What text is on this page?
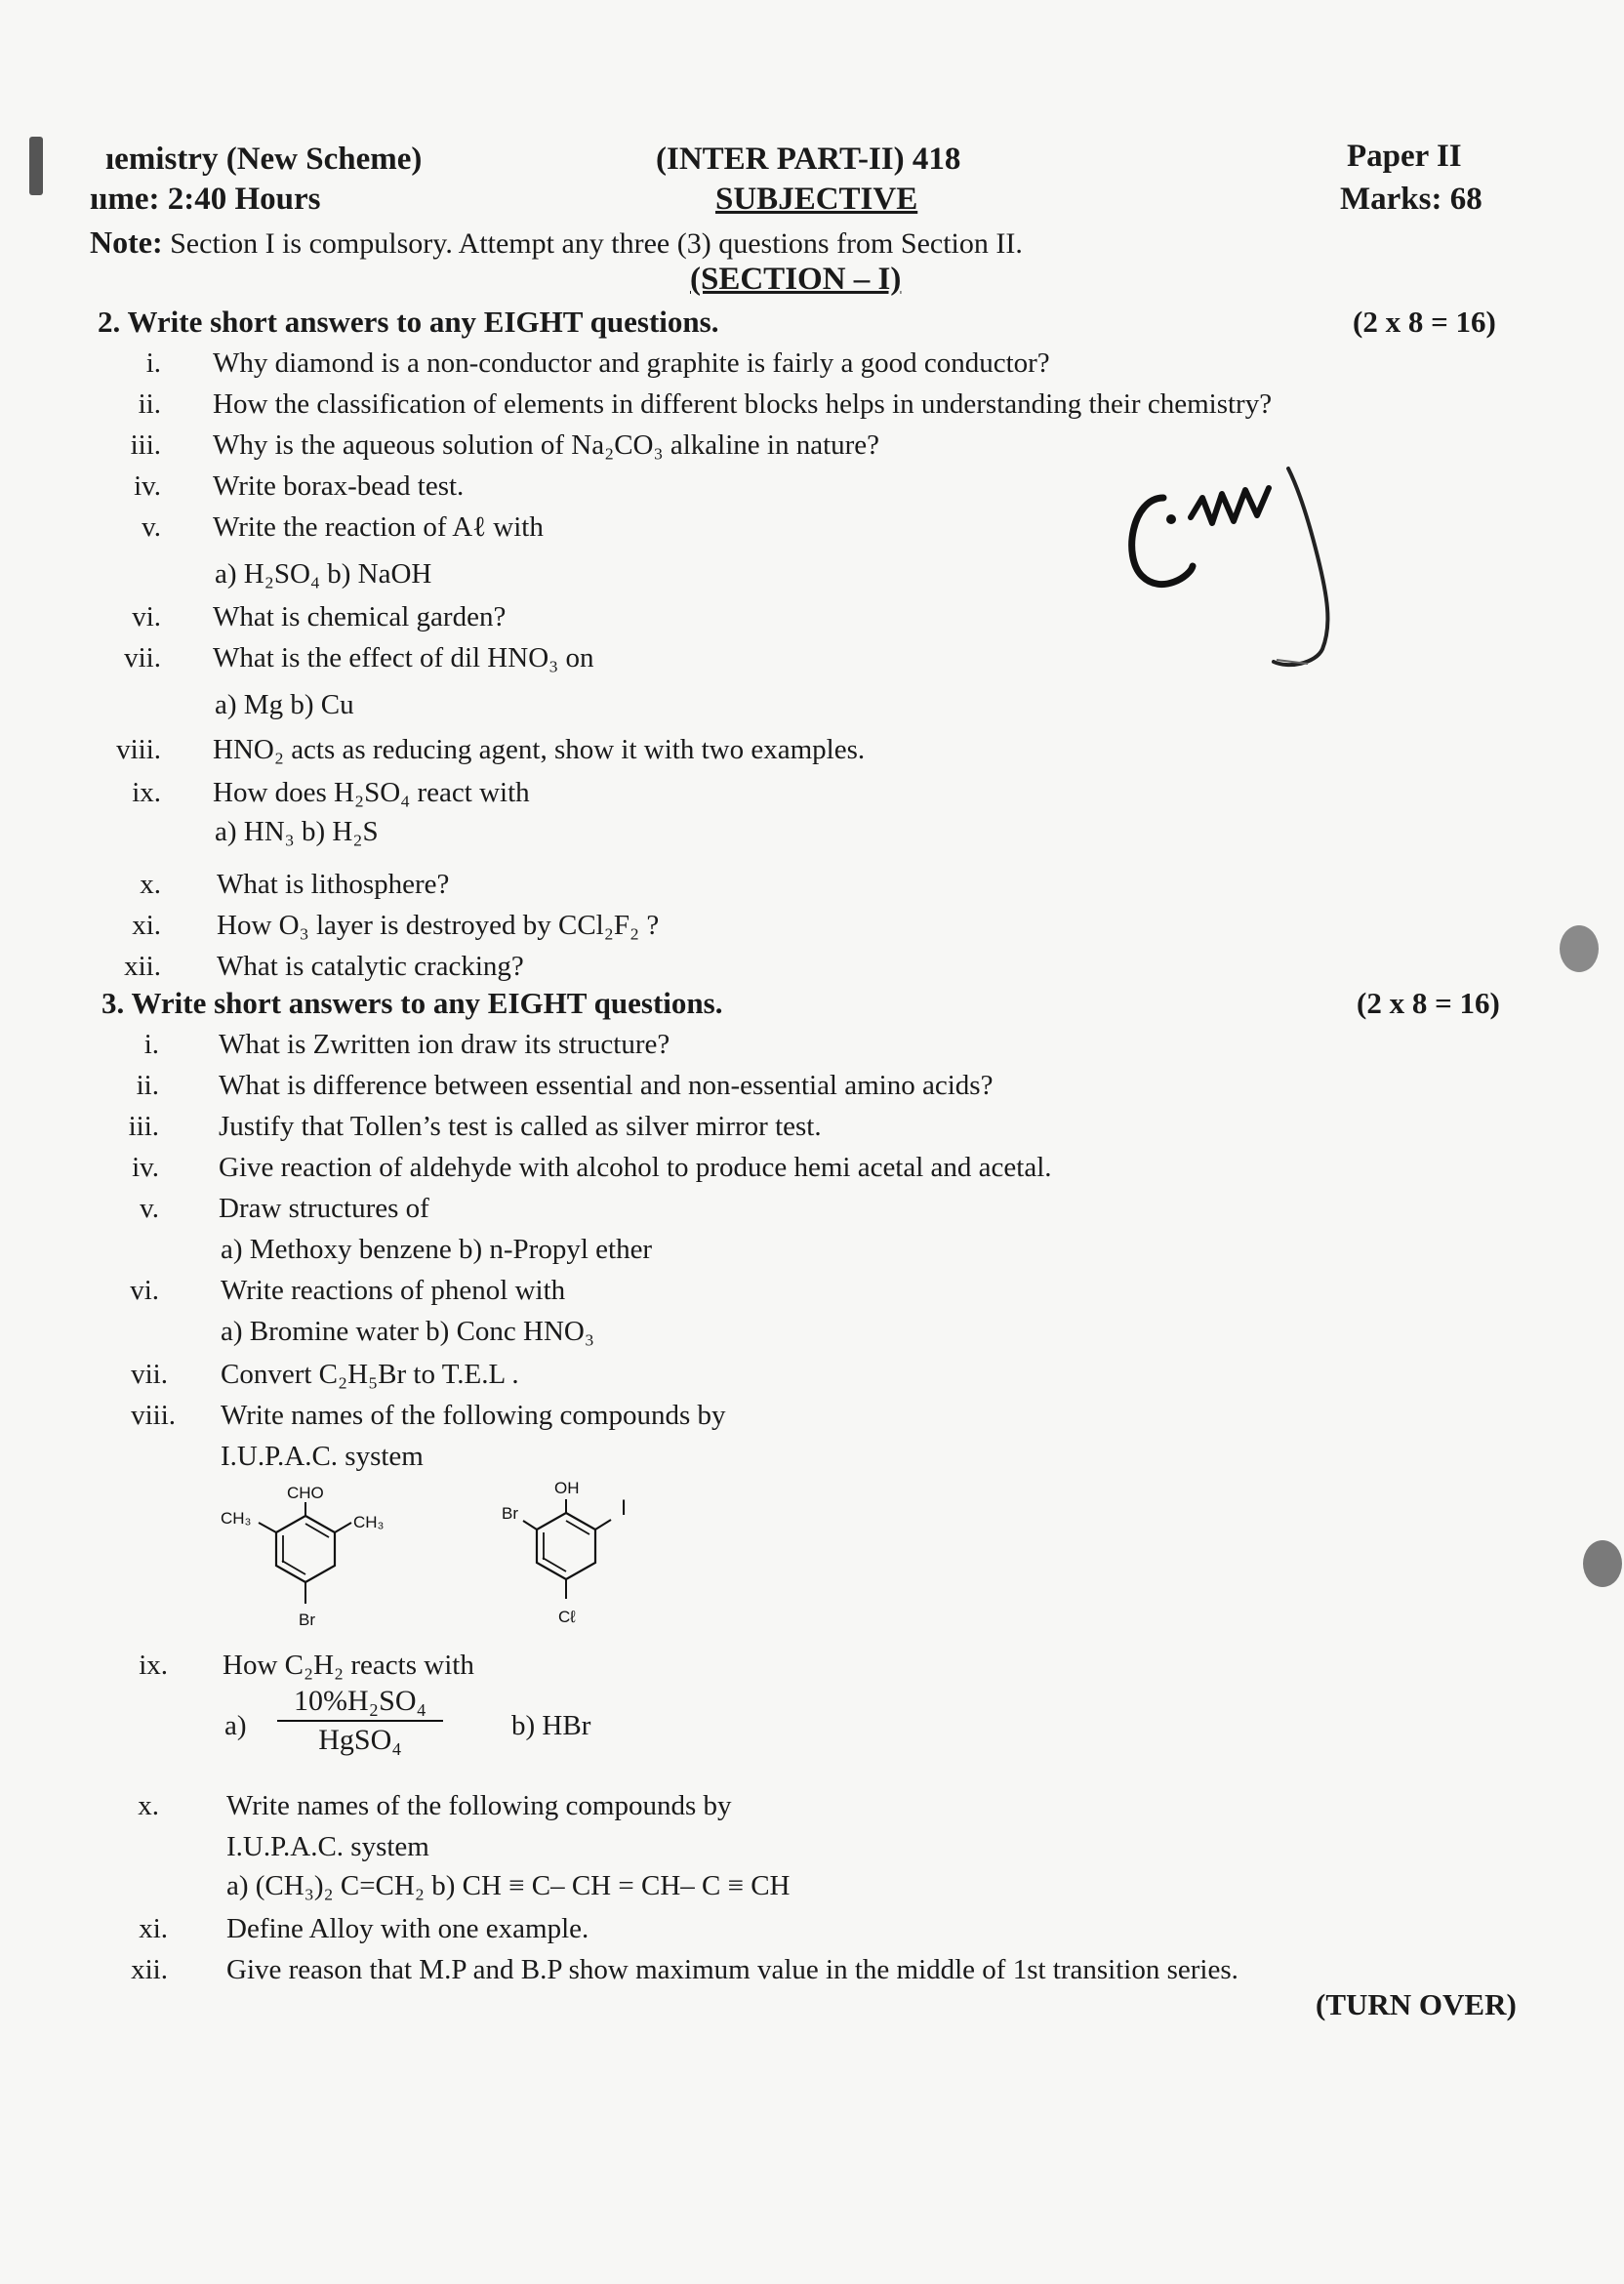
ıemistry (New Scheme)	(INTER PART-II) 418	Paper II
ııme: 2:40 Hours	SUBJECTIVE	Marks: 68
Note: Section I is compulsory. Attempt any three (3) questions from Section II.
(SECTION – I)
2. Write short answers to any EIGHT questions.	(2 x 8 = 16)
i. Why diamond is a non-conductor and graphite is fairly a good conductor?
ii. How the classification of elements in different blocks helps in understanding their chemistry?
iii. Why is the aqueous solution of Na₂CO₃ alkaline in nature?
iv. Write borax-bead test.
v. Write the reaction of Aℓ with
a) H₂SO₄ b) NaOH
vi. What is chemical garden?
vii. What is the effect of dil HNO₃ on
a) Mg b) Cu
viii. HNO₂ acts as reducing agent, show it with two examples.
ix. How does H₂SO₄ react with
a) HN₃ b) H₂S
x. What is lithosphere?
xi. How O₃ layer is destroyed by CCl₂F₂ ?
xii. What is catalytic cracking?
3. Write short answers to any EIGHT questions.	(2 x 8 = 16)
i. What is Zwritten ion draw its structure?
ii. What is difference between essential and non-essential amino acids?
iii. Justify that Tollen’s test is called as silver mirror test.
iv. Give reaction of aldehyde with alcohol to produce hemi acetal and acetal.
v. Draw structures of
a) Methoxy benzene b) n-Propyl ether
vi. Write reactions of phenol with
a) Bromine water b) Conc HNO₃
vii. Convert C₂H₅Br to T.E.L .
viii. Write names of the following compounds by
I.U.P.A.C. system
CHO
CH₃	CH₃
Br
OH
Br	I
Cℓ
ix. How C₂H₂ reacts with
a)
10%H₂SO₄
HgSO₄	b) HBr
x. Write names of the following compounds by
I.U.P.A.C. system
a) (CH₃)₂ C=CH₂ b) CH ≡ C– CH = CH– C ≡ CH
xi. Define Alloy with one example.
xii. Give reason that M.P and B.P show maximum value in the middle of 1st transition series.
(TURN OVER)
